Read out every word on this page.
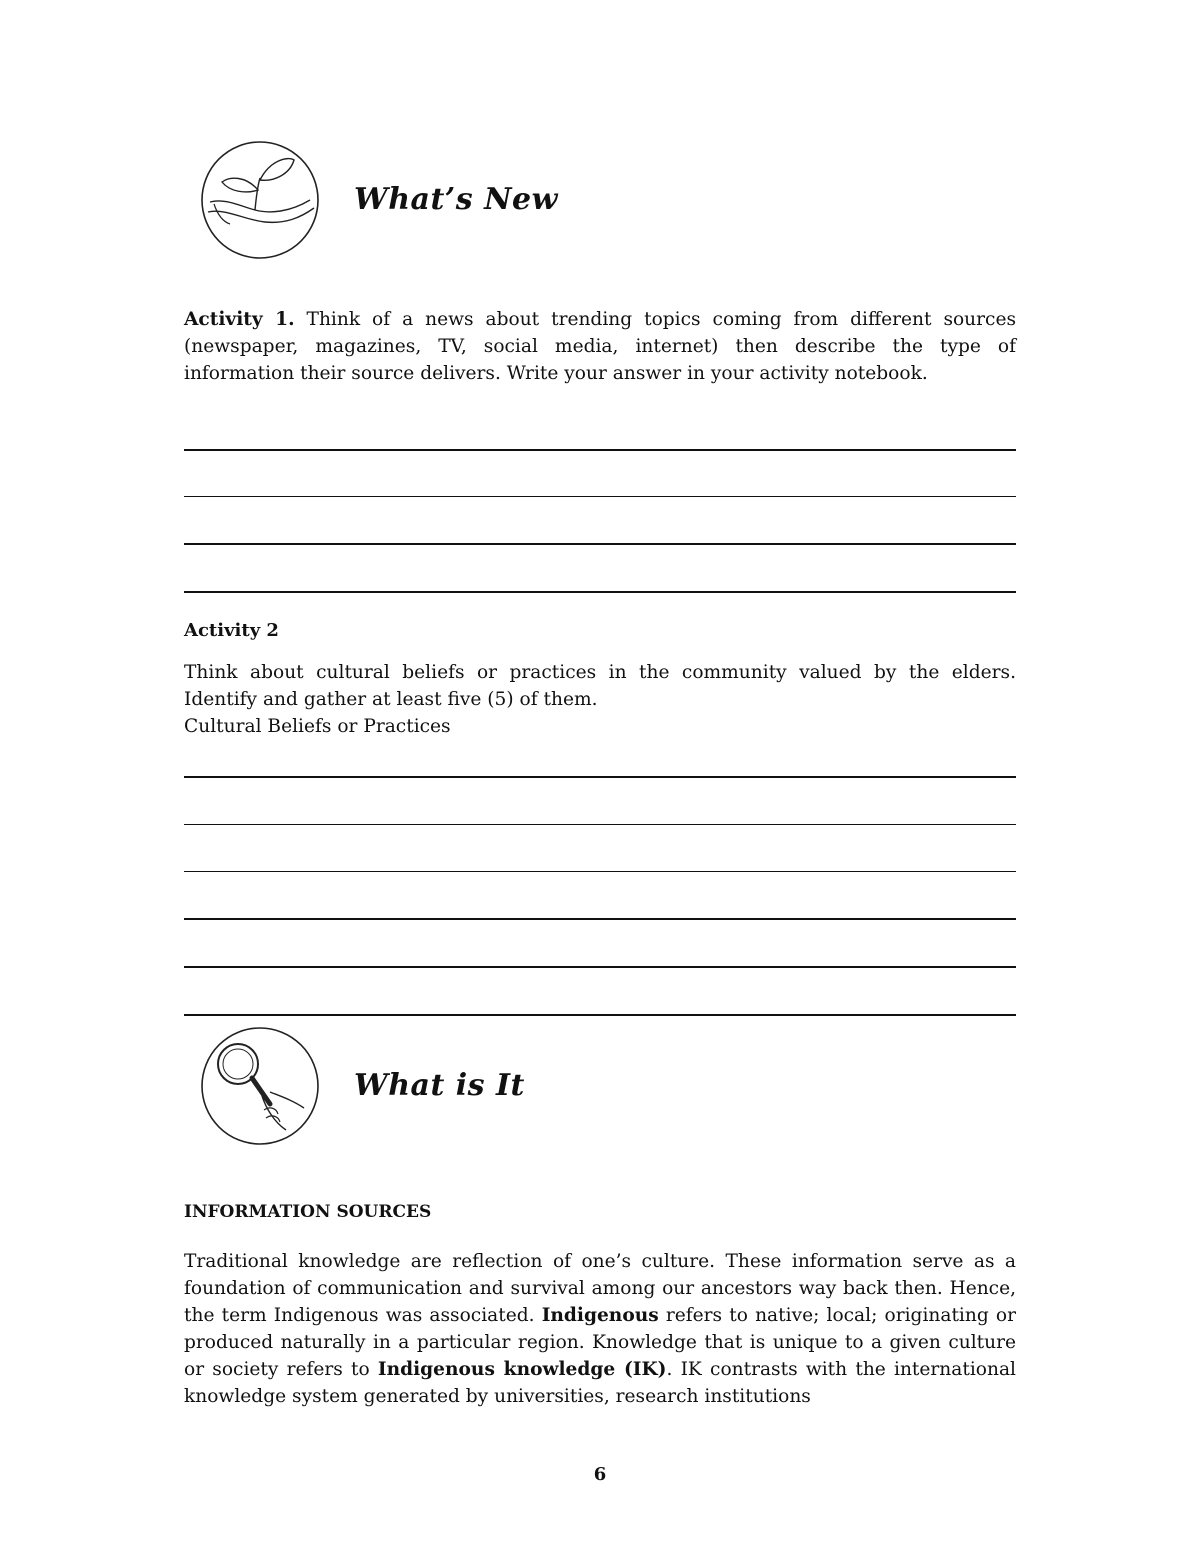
What’s New

Activity 1. Think of a news about trending topics coming from different sources (newspaper, magazines, TV, social media, internet) then describe the type of information their source delivers. Write your answer in your activity notebook.

Activity 2

Think about cultural beliefs or practices in the community valued by the elders. Identify and gather at least five (5) of them.

Cultural Beliefs or Practices

What is It

INFORMATION SOURCES

Traditional knowledge are reflection of one’s culture. These information serve as a foundation of communication and survival among our ancestors way back then. Hence, the term Indigenous was associated. Indigenous refers to native; local; originating or produced naturally in a particular region. Knowledge that is unique to a given culture or society refers to Indigenous knowledge (IK). IK contrasts with the international knowledge system generated by universities, research institutions

6
